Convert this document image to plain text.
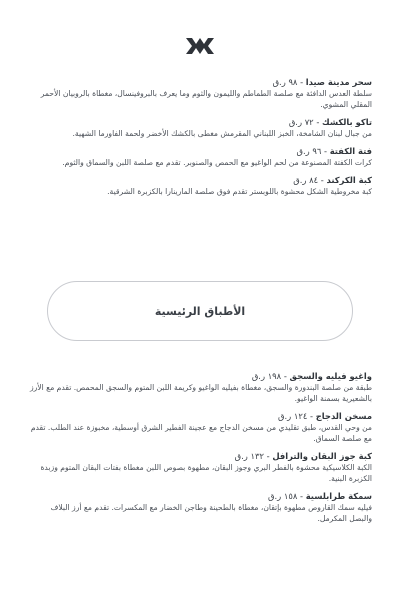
سحر مدينة صيدا - ٩٨ ر.ق
سلطة العدس الدافئة مع صلصة الطماطم والليمون والثوم وما يعرف بالبروفينسال، مغطاة بالروبيان الأحمر المقلي المشوي.
تاكو بالكشك - ٧٢ ر.ق
من جبال لبنان الشامخة، الخبز اللبناني المقرمش مغطى بالكشك الأخضر ولحمة الفاورما الشهية.
فتة الكفتة - ٩٦ ر.ق
كرات الكفتة المصنوعة من لحم الواغيو مع الحمص والصنوبر. تقدم مع صلصة اللبن والسماق والثوم.
كبة الكركند - ٨٤ ر.ق
كبة مخروطية الشكل محشوة باللوبستر تقدم فوق صلصة المارينارا بالكزبرة الشرقية.
الأطباق الرئيسية
واغيو فيليه والسجق - ١٩٨ ر.ق
طبقة من صلصة البندورة والسجق، مغطاة بفيليه الواغيو وكريمة اللبن المتوم والسجق المحمص. تقدم مع الأرز بالشعيرية بسمنة الواغيو.
مسخن الدجاج - ١٢٤ ر.ق
من وحي القدس، طبق تقليدي من مسخن الدجاج مع عجينة الفطير الشرق أوسطية، مخبوزة عند الطلب. تقدم مع صلصة السماق.
كبة جوز البقان والترافل - ١٣٢ ر.ق
الكبة الكلاسيكية محشوة بالفطر البري وجوز البقان، مطهوة بصوص اللبن مغطاة بفتات البقان المتوم وزبدة الكزبرة البنية.
سمكة طرابلسية - ١٥٨ ر.ق
فيليه سمك القاروص مطهوة بإتقان، مغطاة بالطحينة وطاجن الخضار مع المكسرات. تقدم مع أرز البلاف والبصل المكرمل.
